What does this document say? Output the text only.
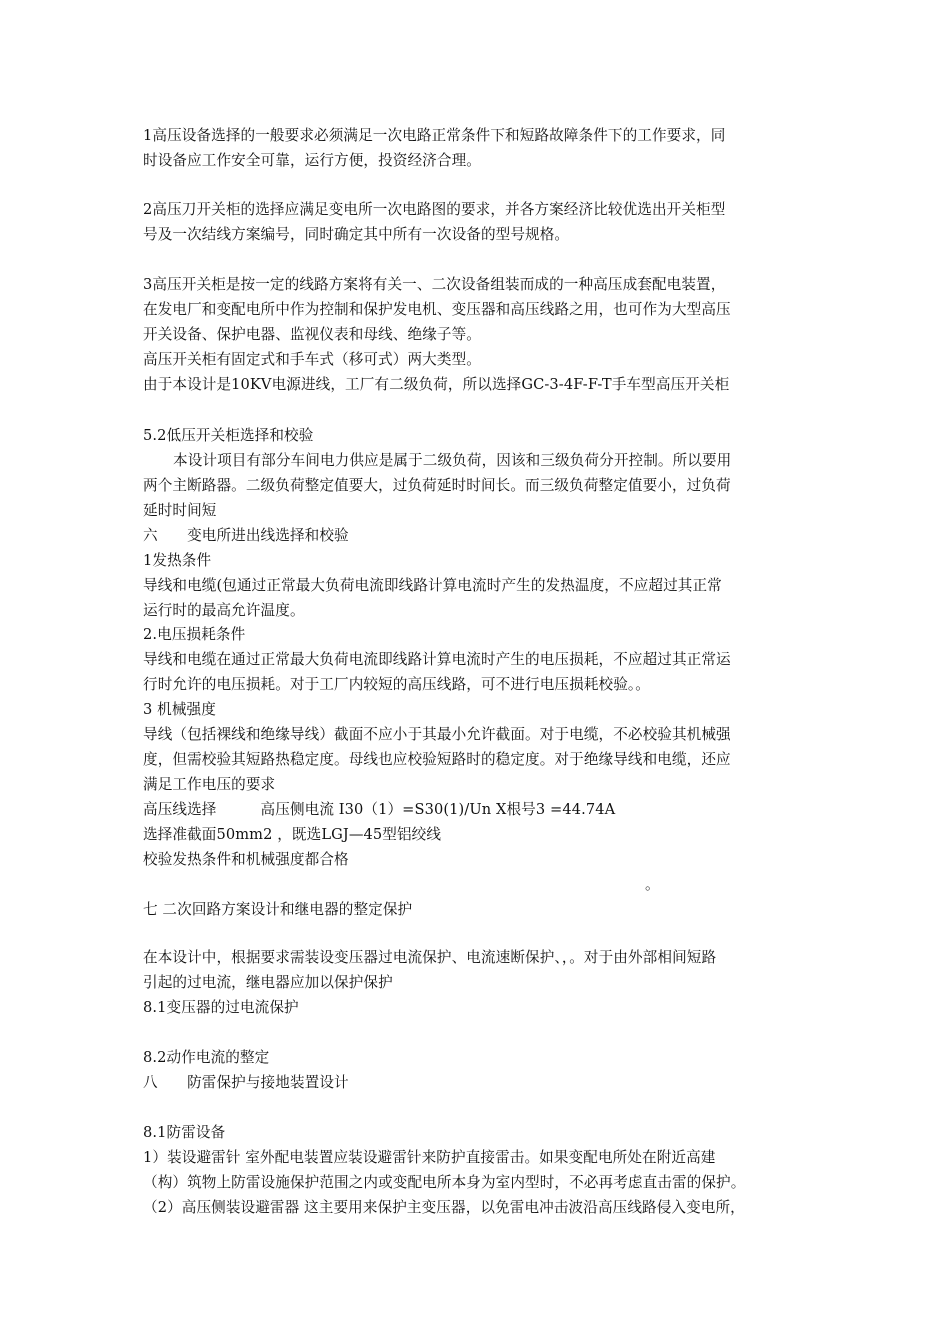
1高压设备选择的一般要求必须满足一次电路正常条件下和短路故障条件下的工作要求，同
时设备应工作安全可靠，运行方便，投资经济合理。
2高压刀开关柜的选择应满足变电所一次电路图的要求，并各方案经济比较优选出开关柜型
号及一次结线方案编号，同时确定其中所有一次设备的型号规格。
3高压开关柜是按一定的线路方案将有关一、二次设备组装而成的一种高压成套配电装置，
在发电厂和变配电所中作为控制和保护发电机、变压器和高压线路之用，也可作为大型高压
开关设备、保护电器、监视仪表和母线、绝缘子等。
高压开关柜有固定式和手车式（移可式）两大类型。
由于本设计是10KV电源进线，工厂有二级负荷，所以选择GC-3-4F-F-T手车型高压开关柜
5.2低压开关柜选择和校验
本设计项目有部分车间电力供应是属于二级负荷，因该和三级负荷分开控制。所以要用
两个主断路器。二级负荷整定值要大，过负荷延时时间长。而三级负荷整定值要小，过负荷
延时时间短
六　　变电所进出线选择和校验
1发热条件
导线和电缆(包通过正常最大负荷电流即线路计算电流时产生的发热温度，不应超过其正常
运行时的最高允许温度。
2.电压损耗条件
导线和电缆在通过正常最大负荷电流即线路计算电流时产生的电压损耗，不应超过其正常运
行时允许的电压损耗。对于工厂内较短的高压线路，可不进行电压损耗校验。。
3 机械强度
导线（包括裸线和绝缘导线）截面不应小于其最小允许截面。对于电缆，不必校验其机械强
度，但需校验其短路热稳定度。母线也应校验短路时的稳定度。对于绝缘导线和电缆，还应
满足工作电压的要求
高压线选择　　　高压侧电流 I30（1）=S30(1)/Un X根号3 =44.74A
选择准截面50mm2 ，既选LGJ—45型铝绞线
校验发热条件和机械强度都合格
。
七 二次回路方案设计和继电器的整定保护
在本设计中，根据要求需装设变压器过电流保护、电流速断保护、，。对于由外部相间短路
引起的过电流，继电器应加以保护保护
8.1变压器的过电流保护
8.2动作电流的整定
八　　防雷保护与接地装置设计
8.1防雷设备
1）装设避雷针 室外配电装置应装设避雷针来防护直接雷击。如果变配电所处在附近高建
（构）筑物上防雷设施保护范围之内或变配电所本身为室内型时，不必再考虑直击雷的保护。
（2）高压侧装设避雷器 这主要用来保护主变压器，以免雷电冲击波沿高压线路侵入变电所，
